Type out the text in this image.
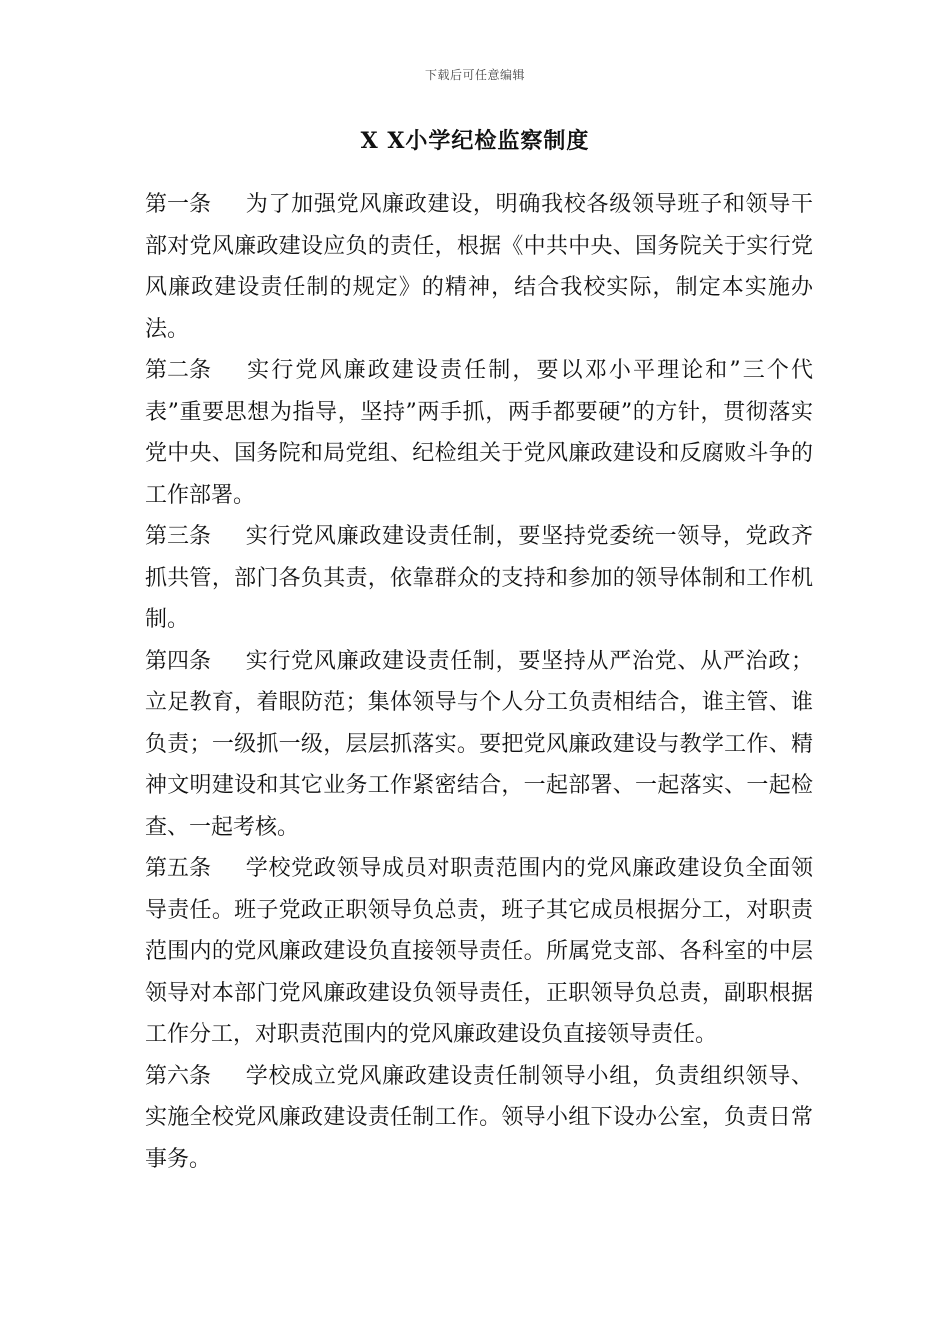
下载后可任意编辑
X X小学纪检监察制度

第一条 为了加强党风廉政建设，明确我校各级领导班子和领导干部对党风廉政建设应负的责任，根据《中共中央、国务院关于实行党风廉政建设责任制的规定》的精神，结合我校实际，制定本实施办法。

第二条 实行党风廉政建设责任制，要以邓小平理论和”三个代表”重要思想为指导，坚持”两手抓，两手都要硬”的方针，贯彻落实党中央、国务院和局党组、纪检组关于党风廉政建设和反腐败斗争的工作部署。

第三条 实行党风廉政建设责任制，要坚持党委统一领导，党政齐抓共管，部门各负其责，依靠群众的支持和参加的领导体制和工作机制。

第四条 实行党风廉政建设责任制，要坚持从严治党、从严治政；立足教育，着眼防范；集体领导与个人分工负责相结合，谁主管、谁负责；一级抓一级，层层抓落实。要把党风廉政建设与教学工作、精神文明建设和其它业务工作紧密结合，一起部署、一起落实、一起检查、一起考核。

第五条 学校党政领导成员对职责范围内的党风廉政建设负全面领导责任。班子党政正职领导负总责，班子其它成员根据分工，对职责范围内的党风廉政建设负直接领导责任。所属党支部、各科室的中层领导对本部门党风廉政建设负领导责任，正职领导负总责，副职根据工作分工，对职责范围内的党风廉政建设负直接领导责任。

第六条 学校成立党风廉政建设责任制领导小组，负责组织领导、实施全校党风廉政建设责任制工作。领导小组下设办公室，负责日常事务。
